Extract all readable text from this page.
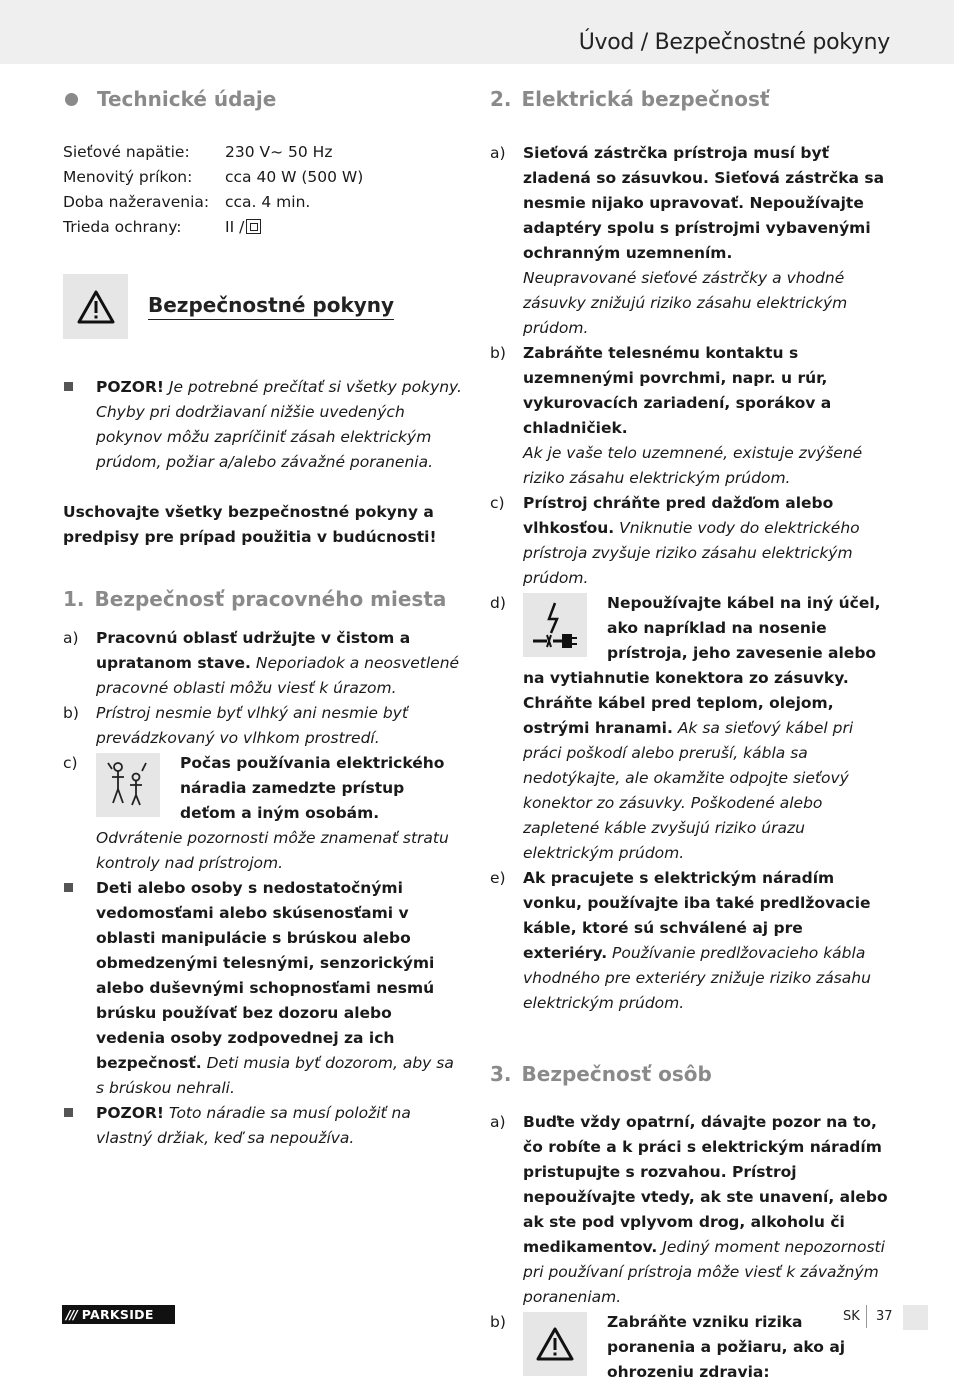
Úvod / Bezpečnostné pokyny
Technické údaje
Sieťové napätie:	230 V~ 50 Hz
Menovitý príkon:	cca 40 W (500 W)
Doba nažeravenia:	cca. 4 min.
Trieda ochrany:	II /
Bezpečnostné pokyny
POZOR! Je potrebné prečítať si všetky pokyny. Chyby pri dodržiavaní nižšie uvedených pokynov môžu zapríčiniť zásah elektrickým prúdom, požiar a/alebo závažné poranenia.
Uschovajte všetky bezpečnostné pokyny a predpisy pre prípad použitia v budúcnosti!
1. Bezpečnosť pracovného miesta
a)	Pracovnú oblasť udržujte v čistom a upratanom stave. Neporiadok a neosvetlené pracovné oblasti môžu viesť k úrazom.
b)	Prístroj nesmie byť vlhký ani nesmie byť prevádzkovaný vo vlhkom prostredí.
c)	Počas používania elektrického náradia zamedzte prístup deťom a iným osobám.
Odvrátenie pozornosti môže znamenať stratu kontroly nad prístrojom.
Deti alebo osoby s nedostatočnými vedomosťami alebo skúsenosťami v oblasti manipulácie s brúskou alebo obmedzenými telesnými, senzorickými alebo duševnými schopnosťami nesmú brúsku používať bez dozoru alebo vedenia osoby zodpovednej za ich bezpečnosť. Deti musia byť dozorom, aby sa s brúskou nehrali.
POZOR! Toto náradie sa musí položiť na vlastný držiak, keď sa nepoužíva.
2. Elektrická bezpečnosť
a)	Sieťová zástrčka prístroja musí byť zladená so zásuvkou. Sieťová zástrčka sa nesmie nijako upravovať. Nepoužívajte adaptéry spolu s prístrojmi vybavenými ochranným uzemnením.
Neupravované sieťové zástrčky a vhodné zásuvky znižujú riziko zásahu elektrickým prúdom.
b)	Zabráňte telesnému kontaktu s uzemnenými povrchmi, napr. u rúr, vykurovacích zariadení, sporákov a chladničiek.
Ak je vaše telo uzemnené, existuje zvýšené riziko zásahu elektrickým prúdom.
c)	Prístroj chráňte pred dažďom alebo vlhkosťou. Vniknutie vody do elektrického prístroja zvyšuje riziko zásahu elektrickým prúdom.
d)	Nepoužívajte kábel na iný účel, ako napríklad na nosenie prístroja, jeho zavesenie alebo na vytiahnutie konektora zo zásuvky. Chráňte kábel pred teplom, olejom, ostrými hranami. Ak sa sieťový kábel pri práci poškodí alebo preruší, kábla sa nedotýkajte, ale okamžite odpojte sieťový konektor zo zásuvky. Poškodené alebo zapletené káble zvyšujú riziko úrazu elektrickým prúdom.
e)	Ak pracujete s elektrickým náradím vonku, používajte iba také predlžovacie káble, ktoré sú schválené aj pre exteriéry. Používanie predlžovacieho kábla vhodného pre exteriéry znižuje riziko zásahu elektrickým prúdom.
3. Bezpečnosť osôb
a)	Buďte vždy opatrní, dávajte pozor na to, čo robíte a k práci s elektrickým náradím pristupujte s rozvahou. Prístroj nepoužívajte vtedy, ak ste unavení, alebo ak ste pod vplyvom drog, alkoholu či medikamentov. Jediný moment nepozornosti pri používaní prístroja môže viesť k závažným poraneniam.
b)	Zabráňte vzniku rizika poranenia a požiaru, ako aj ohrozeniu zdravia:
/// PARKSIDE	SK 37
